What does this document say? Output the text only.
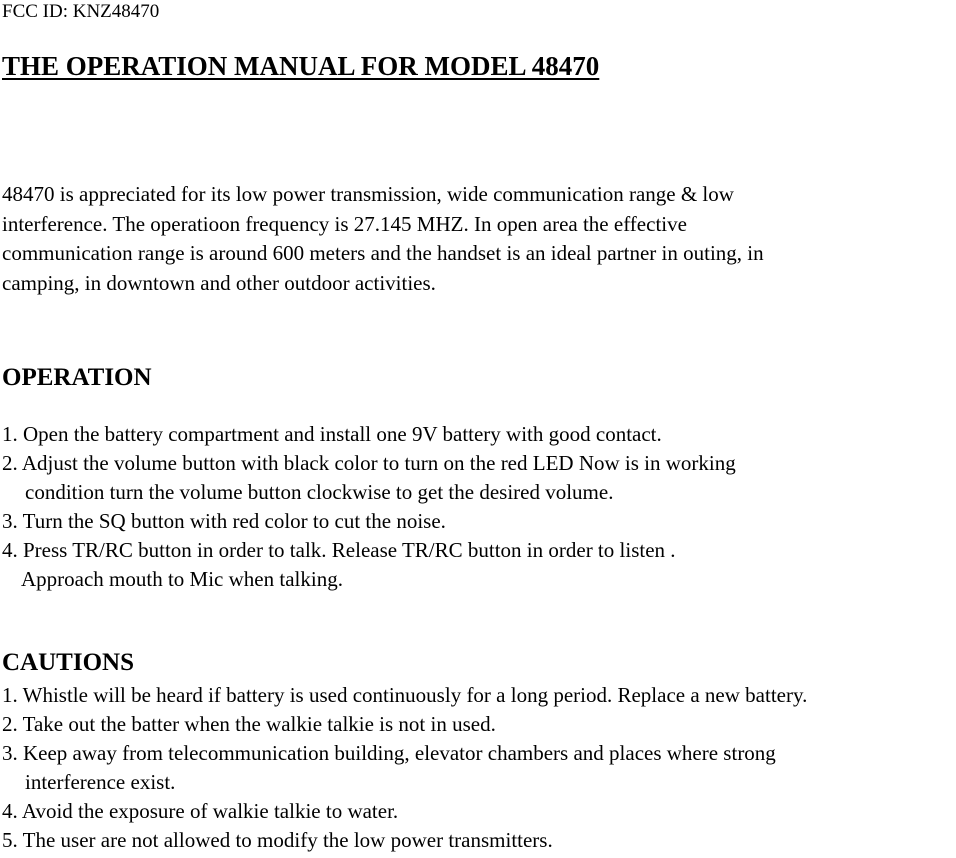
FCC ID: KNZ48470
THE OPERATION MANUAL FOR MODEL 48470
48470 is appreciated for its low power transmission, wide communication range & low
interference. The operatioon frequency is 27.145 MHZ. In open area the effective
communication range is around 600 meters and the handset is an ideal partner in outing, in
camping, in downtown and other outdoor activities.
OPERATION
1. Open the battery compartment and install one 9V battery with good contact.
2. Adjust the volume button with black color to turn on the red LED Now is in working
condition turn the volume button clockwise to get the desired volume.
3. Turn the SQ button with red color to cut the noise.
4. Press TR/RC button in order to talk. Release TR/RC button in order to listen .
Approach mouth to Mic when talking.
CAUTIONS
1. Whistle will be heard if battery is used continuously for a long period. Replace a new battery.
2. Take out the batter when the walkie talkie is not in used.
3. Keep away from telecommunication building, elevator chambers and places where strong
interference exist.
4. Avoid the exposure of walkie talkie to water.
5. The user are not allowed to modify the low power transmitters.
